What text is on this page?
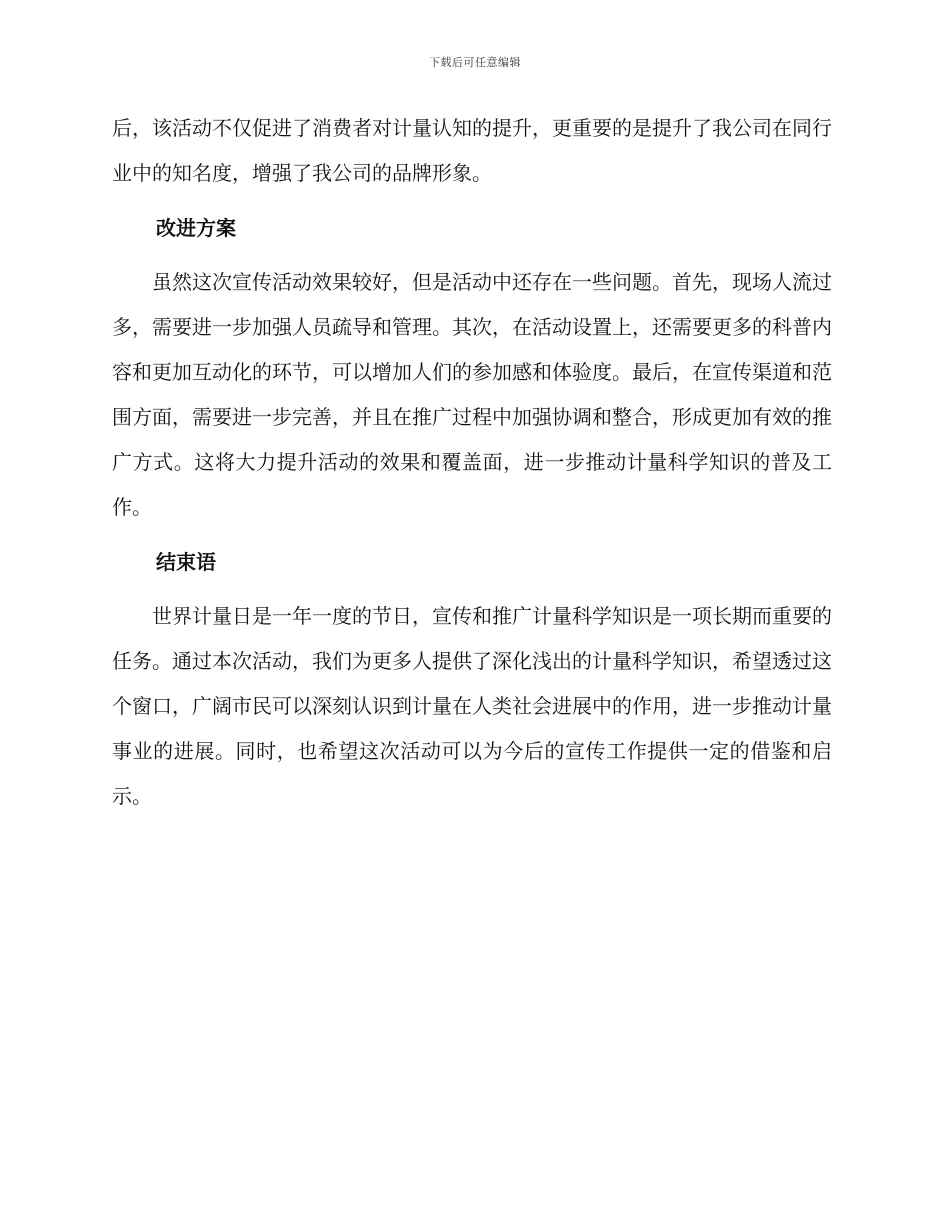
下载后可任意编辑

后，该活动不仅促进了消费者对计量认知的提升，更重要的是提升了我公司在同行业中的知名度，增强了我公司的品牌形象。

改进方案

虽然这次宣传活动效果较好，但是活动中还存在一些问题。首先，现场人流过多，需要进一步加强人员疏导和管理。其次，在活动设置上，还需要更多的科普内容和更加互动化的环节，可以增加人们的参加感和体验度。最后，在宣传渠道和范围方面，需要进一步完善，并且在推广过程中加强协调和整合，形成更加有效的推广方式。这将大力提升活动的效果和覆盖面，进一步推动计量科学知识的普及工作。

结束语

世界计量日是一年一度的节日，宣传和推广计量科学知识是一项长期而重要的任务。通过本次活动，我们为更多人提供了深化浅出的计量科学知识，希望透过这个窗口，广阔市民可以深刻认识到计量在人类社会进展中的作用，进一步推动计量事业的进展。同时，也希望这次活动可以为今后的宣传工作提供一定的借鉴和启示。
